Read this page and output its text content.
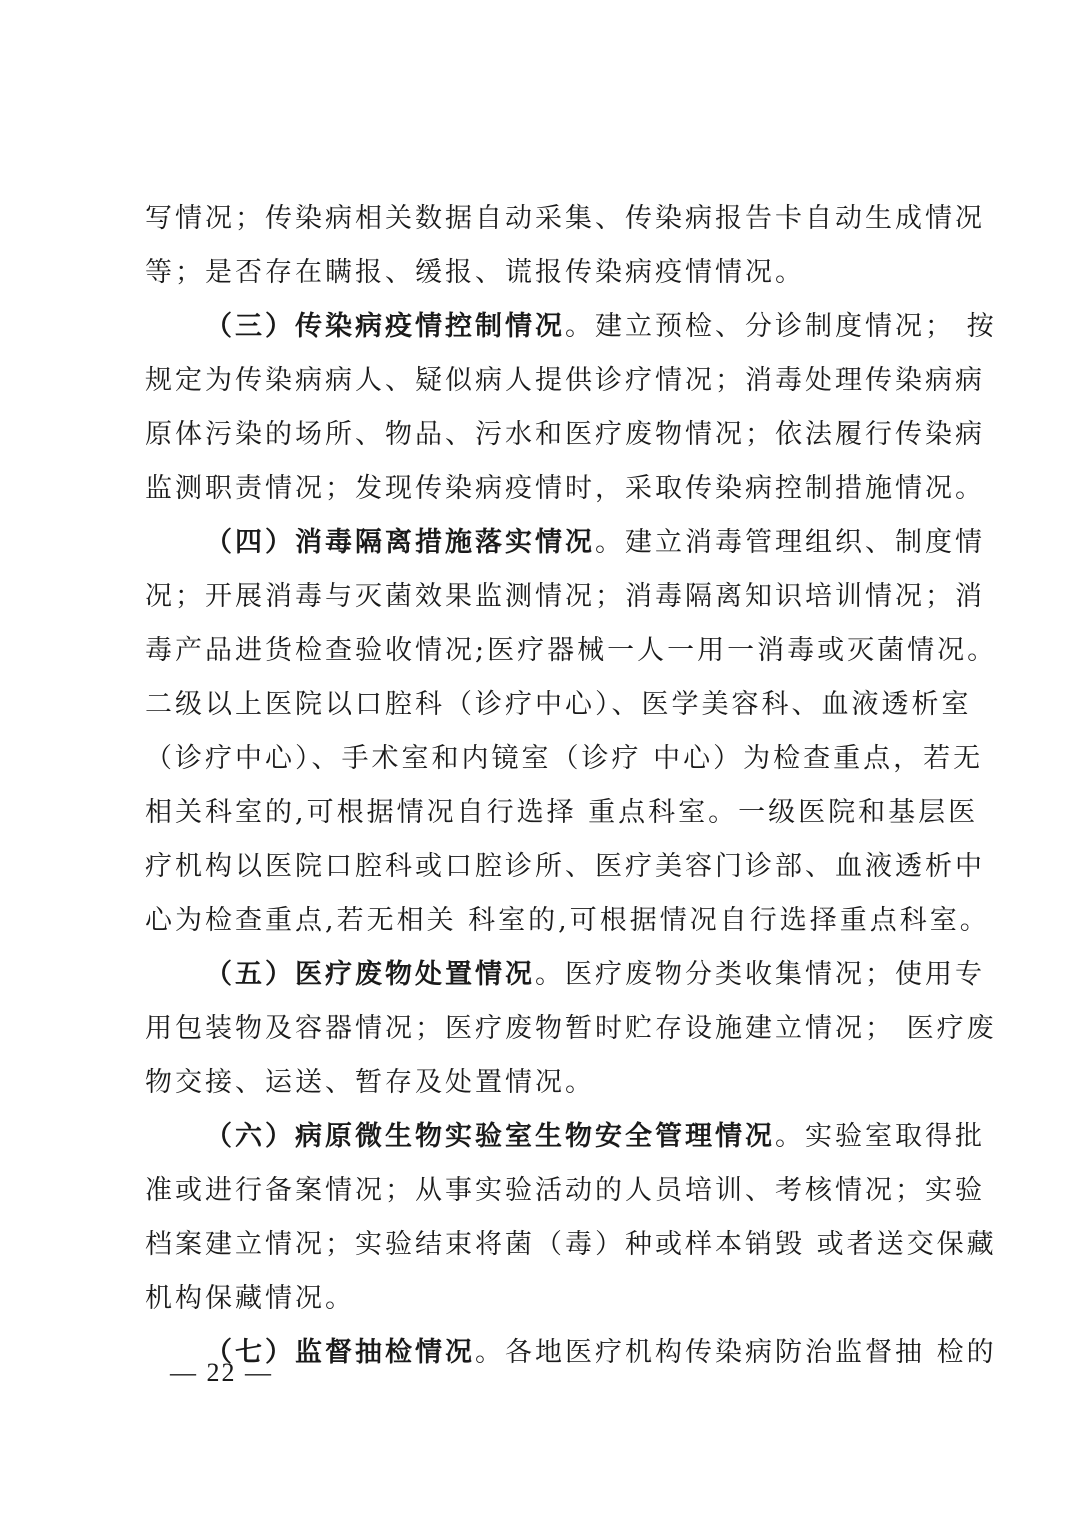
写情况；传染病相关数据自动采集、传染病报告卡自动生成情况
等；是否存在瞒报、缓报、谎报传染病疫情情况。
（三）传染病疫情控制情况。建立预检、分诊制度情况； 按
规定为传染病病人、疑似病人提供诊疗情况；消毒处理传染病病
原体污染的场所、物品、污水和医疗废物情况；依法履行传染病
监测职责情况；发现传染病疫情时，采取传染病控制措施情况。
（四）消毒隔离措施落实情况。建立消毒管理组织、制度情
况；开展消毒与灭菌效果监测情况；消毒隔离知识培训情况；消
毒产品进货检查验收情况;医疗器械一人一用一消毒或灭菌情况。
二级以上医院以口腔科（诊疗中心）、医学美容科、血液透析室
（诊疗中心）、手术室和内镜室（诊疗 中心）为检查重点，若无
相关科室的,可根据情况自行选择 重点科室。一级医院和基层医
疗机构以医院口腔科或口腔诊所、医疗美容门诊部、血液透析中
心为检查重点,若无相关 科室的,可根据情况自行选择重点科室。
（五）医疗废物处置情况。医疗废物分类收集情况；使用专
用包装物及容器情况；医疗废物暂时贮存设施建立情况； 医疗废
物交接、运送、暂存及处置情况。
（六）病原微生物实验室生物安全管理情况。实验室取得批
准或进行备案情况；从事实验活动的人员培训、考核情况；实验
档案建立情况；实验结束将菌（毒）种或样本销毁 或者送交保藏
机构保藏情况。
（七）监督抽检情况。各地医疗机构传染病防治监督抽 检的
— 22 —
